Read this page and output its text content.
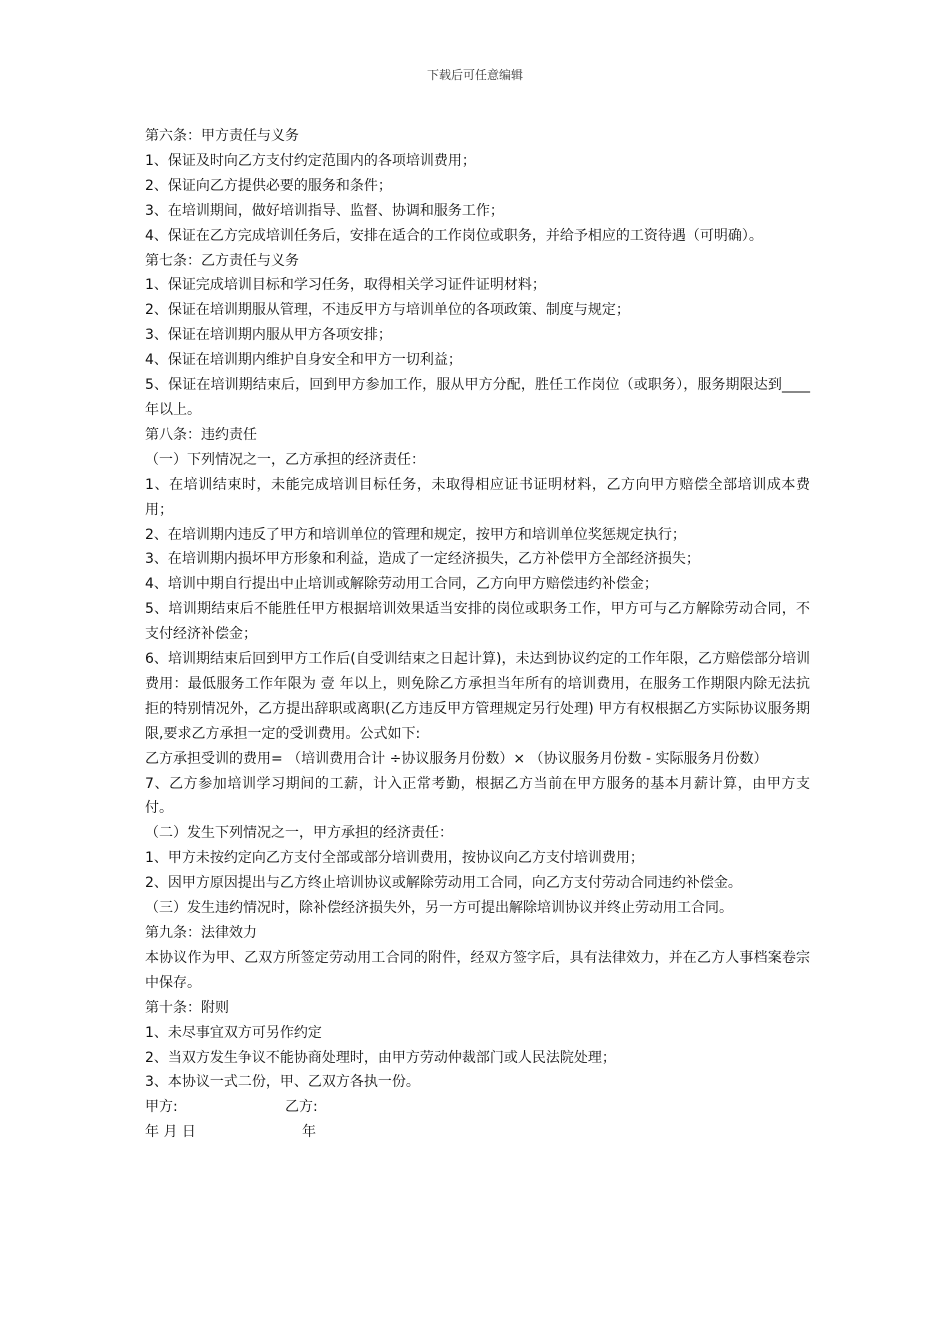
下载后可任意编辑
第六条：甲方责任与义务
1、保证及时向乙方支付约定范围内的各项培训费用；
2、保证向乙方提供必要的服务和条件；
3、在培训期间，做好培训指导、监督、协调和服务工作；
4、保证在乙方完成培训任务后，安排在适合的工作岗位或职务，并给予相应的工资待遇（可明确）。
第七条：乙方责任与义务
1、保证完成培训目标和学习任务，取得相关学习证件证明材料；
2、保证在培训期服从管理，不违反甲方与培训单位的各项政策、制度与规定；
3、保证在培训期内服从甲方各项安排；
4、保证在培训期内维护自身安全和甲方一切利益；
5、保证在培训期结束后，回到甲方参加工作，服从甲方分配，胜任工作岗位（或职务），服务期限达到____ 年以上。
第八条：违约责任
（一）下列情况之一，乙方承担的经济责任：
1、在培训结束时，未能完成培训目标任务，未取得相应证书证明材料，乙方向甲方赔偿全部培训成本费用；
2、在培训期内违反了甲方和培训单位的管理和规定，按甲方和培训单位奖惩规定执行；
3、在培训期内损坏甲方形象和利益，造成了一定经济损失，乙方补偿甲方全部经济损失；
4、培训中期自行提出中止培训或解除劳动用工合同，乙方向甲方赔偿违约补偿金；
5、培训期结束后不能胜任甲方根据培训效果适当安排的岗位或职务工作，甲方可与乙方解除劳动合同，不支付经济补偿金；
6、培训期结束后回到甲方工作后(自受训结束之日起计算)，未达到协议约定的工作年限，乙方赔偿部分培训费用：最低服务工作年限为 壹 年以上，则免除乙方承担当年所有的培训费用，在服务工作期限内除无法抗拒的特别情况外，乙方提出辞职或离职(乙方违反甲方管理规定另行处理) 甲方有权根据乙方实际协议服务期限,要求乙方承担一定的受训费用。公式如下:
乙方承担受训的费用= （培训费用合计 ÷协议服务月份数）× （协议服务月份数 - 实际服务月份数）
7、乙方参加培训学习期间的工薪，计入正常考勤，根据乙方当前在甲方服务的基本月薪计算，由甲方支付。
（二）发生下列情况之一，甲方承担的经济责任：
1、甲方未按约定向乙方支付全部或部分培训费用，按协议向乙方支付培训费用；
2、因甲方原因提出与乙方终止培训协议或解除劳动用工合同，向乙方支付劳动合同违约补偿金。
（三）发生违约情况时，除补偿经济损失外，另一方可提出解除培训协议并终止劳动用工合同。
第九条：法律效力
本协议作为甲、乙双方所签定劳动用工合同的附件，经双方签字后，具有法律效力，并在乙方人事档案卷宗中保存。
第十条：附则
1、未尽事宜双方可另作约定
2、当双方发生争议不能协商处理时，由甲方劳动仲裁部门或人民法院处理；
3、本协议一式二份，甲、乙双方各执一份。
甲方:	乙方:
年 月 日	年
